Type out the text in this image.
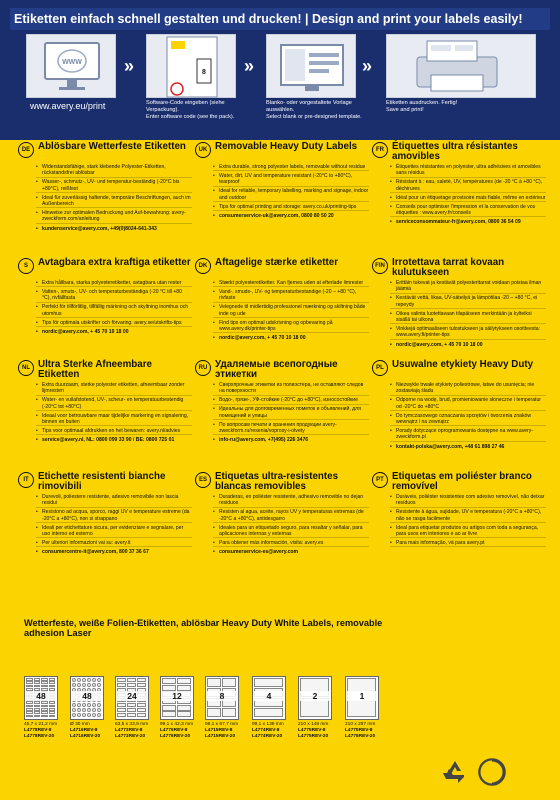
Etiketten einfach schnell gestalten und drucken! | Design and print your labels easily!
WWW »	8 »	»
www.avery.eu/print	Software-Code eingeben (siehe Verpackung).
Enter software code (see the pack).
Blanko- oder vorgestaltete Vorlage auswählen.
Select blank or pre-designed template.
Etiketten ausdrucken. Fertig!
Save and print!
DE Ablösbare Wetterfeste Etiketten
• Widerstandsfähige, stark klebende Polyester-Etiketten, rückstandsfrei ablösbar
• Wasser-, schmutz-, UV- und temperatur-beständig (-20°C bis +80°C), reißfest
• Ideal für zuverlässig haftende, temporäre Beschriftungen, auch im Außenbereich
• Hinweise zur optimalen Bedruckung und Auf-bewahrung: avery-zweckform.com/anleitung
• kundenservice@avery.com, +49(0)8024-641-343
UK Removable Heavy Duty Labels
• Extra durable, strong polyester labels, removable without residue
• Water, dirt, UV and temperature resistant (-20°C to +80°C), tearproof
• Ideal for reliable, temporary labelling, marking and signage, indoor and outdoor
• Tips for optimal printing and storage: avery.co.uk/printing-tips
• consumerservice-uk@avery.com, 0800 80 50 20
FR Étiquettes ultra résistantes amovibles
• Étiquettes résistantes en polyester, ultra adhésives et amovibles sans résidus
• Résistant à : eau, saleté, UV, températures (de -20 °C à +80 °C), déchirures
• Idéal pour un étiquetage provisoire mais fiable, même en extérieur
• Conseils pour optimiser l'impression et la conservation de vos étiquettes : www.avery.fr/conseils
• serviceconsommateur-fr@avery.com, 0800 36 54 09
S	Avtagbara extra kraftiga etiketter
• Extra hållbara, starka polyesteretiketter, avtagbara utan rester
• Vatten-, smuts-, UV- och temperaturbeständiga (-20 °C till +80 °C), rivfällfasta
• Perfekt för tillförlitlig, tillfällig märkning och skyltning inomhus och utomhus
• Tips för optimala utskrifter och förvaring: avery.se/utskrifts-tips
• nordic@avery.com, + 45 70 10 18 00
DK Aftagelige stærke etiketter
• Stærkt polyesteretiketter. Kan fjernes uden at efterlade limrester
• Vand-, smuds-, UV- og temperaturbestandige (-20 – +80 °C), rivfaste
• Velegnede til midlertidig professionel mærkning og skiltning både inde og ude
• Find tips om optimal udskrivning og opbevaring på www.avery.dk/printer-tips
• nordic@avery.com, + 45 70 10 18 00
FIN Irrotettava tarrat kovaan kulutukseen
• Erittäin tukevat ja kestävät polyesteritarrat voidaan poistaa ilman jäämiä
• Kestävät vettä, likaa, UV-säteilyä ja lämpötilaa -20 – +80 °C, ei repeydy
• Oikea valinta luotettavaan tilapäiseen merkintään ja kylteiksi sisällä tai ulkona
• Vinkkejä optimaaliseen tulostukseen ja säilytykseen osoitteesta: www.avery.fi/printer-tips
• nordic@avery.com, + 45 70 10 18 00
NL Ultra Sterke Afneembare Etiketten
• Extra duurzaam, sterke polyester etiketten, afneembaar zonder lijmresten
• Water- en vuilafstotend, UV-, scheur- en temperatuurbestendig (-20°C tot +80°C)
• Ideaal voor betrouwbare maar tijdelijke markering en signalering, binnen en buiten
• Tips voor optimaal afdrukken en het bewaren: avery.nl/advies
• service@avery.nl, NL: 0800 099 33 90 / BE: 0800 725 01
RU Удаляемые всепогодные этикетки
• Сверхпрочные этикетки из полиэстера, не оставляют следов на поверхности
• Водо-, грязе-, УФ-стойкие (-20°C до +80°C), износостойкие
• Идеальны для долговременных пометок и объявлений, для помещений и улицы
• По вопросам печати и хранения продукции avery-zweckform.ru/reseniа/voprosy-i-otvety
• info-ru@avery.com, +7(495) 226 3476
PL Usuwalne etykiety Heavy Duty
• Niezwykle trwałe etykiety poliestrowe, łatwe do usunięcia; nie zostawiają śladu
• Odporne na wodę, brud, promieniowanie słoneczne i temperatur od -20°C do +80°C
• Do tymczasowego oznaczania sprzętów i tworzenia znaków wewnątrz i na zewnątrz
• Porady dotyczące oprogramowania dostępne na www.avery-zweckform.pl
• kontakt-polska@avery.com, +48 61 898 27 46
IT Etichette resistenti bianche rimovibili
• Durevoli, poliestere resistente, adesivo removibile non lascia residui
• Resistono ad acqua, sporco, raggi UV e temperature estreme (da -20°C a +80°C), non si strappano
• Ideali per etichettature sicura, per evidenziare e segnalare, per uso interno ed esterno
• Per ulteriori informazioni vai su: avery.it
• consumercentre-it@avery.com, 800 37 36 67
ES Etiquetas ultra-resistentes blancas removibles
• Duraderas, en poliéster resistente, adhesivo removible no dejan residuos
• Resisten al agua, aceite, rayos UV y temperaturas extremas (de -20°C a +80°C), antidesgarro
• Ideales para un etiquetado seguro, para resaltar y señalar, para aplicaciones internas y externas
• Para obtener más información, visita: avery.es
• consumerservice-es@avery.com
PT Etiquetas em poliéster branco removível
• Duráveis, poliéster resistentes com adesivo removível, não deixar resíduos
• Resistente à água, sujidade, UV e temperatura (-20°C a +80°C), não se rasga facilmente
• Ideal para etiquetar produtos ou artigos com toda a segurança, para usos em interiores e ao ar livre
• Para mais informação, vá para avery.pt
Wetterfeste, weiße Folien-Etiketten, ablösbar Heavy Duty White Labels, removable adhesion Laser
48
45,7 x 21,2 mm
L4778REV-8
L4778REV-20
48
Ø 30 mm
L4716REV-8
L4716REV-20
24
63,5 x 33,9 mm
L4773REV-8
L4773REV-20
12
99,1 x 42,3 mm
L4776REV-8
L4776REV-20
8
99,1 x 67,7 mm
L4715REV-8
L4715REV-20
4
99,1 x 139 mm
L4774REV-8
L4774REV-20
2
210 x 148 mm
L4775REV-8
L4775REV-20
1
210 x 297 mm
L4775REV-8
L4775REV-20
